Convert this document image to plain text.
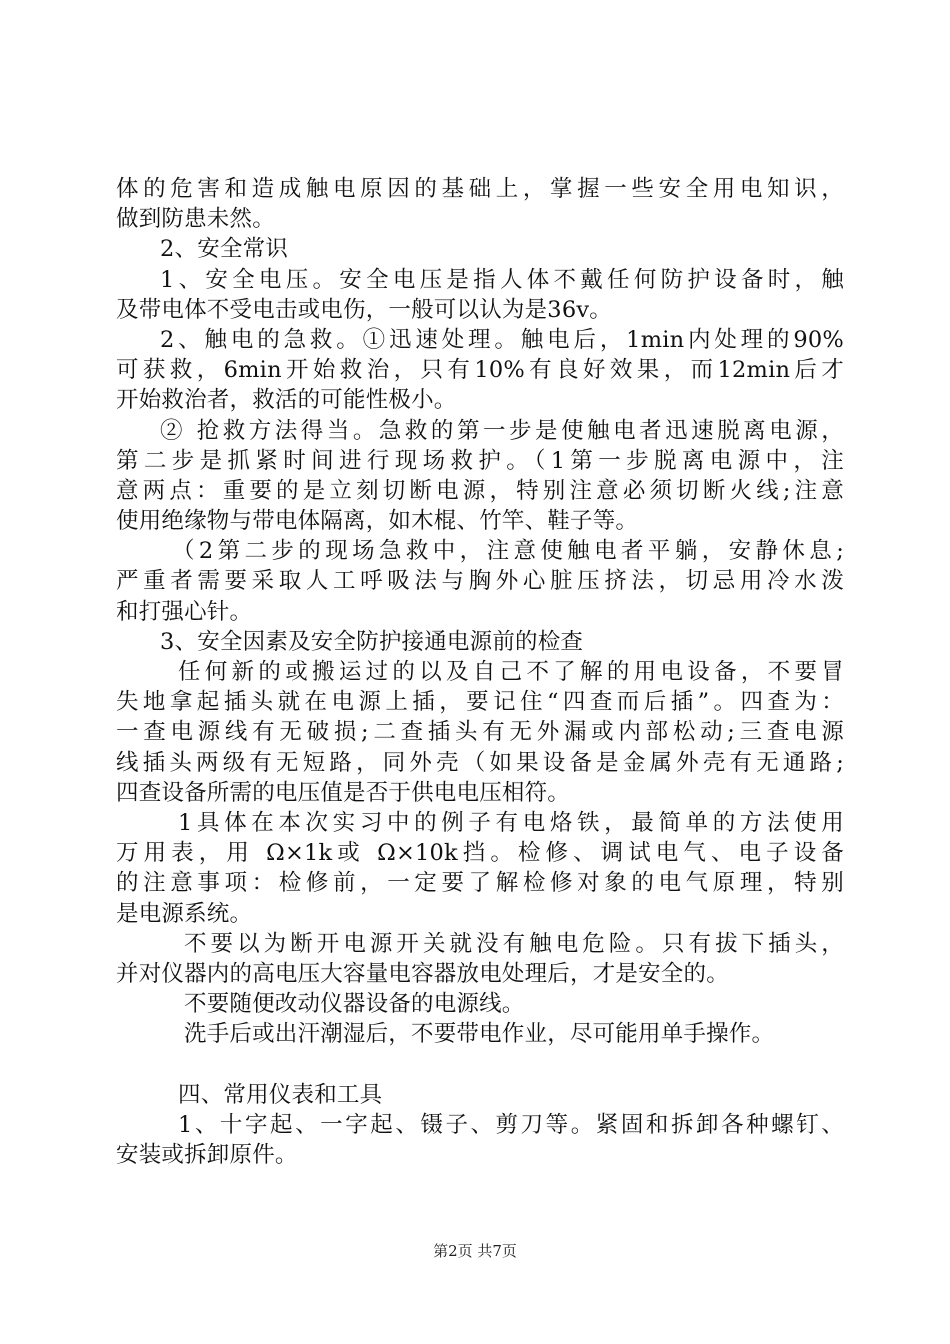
体的危害和造成触电原因的基础上，掌握一些安全用电知识，
做到防患未然。
2、安全常识
1、安全电压。安全电压是指人体不戴任何防护设备时，触
及带电体不受电击或电伤，一般可以认为是36v。
2、触电的急救。①迅速处理。触电后，1min内处理的90%
可获救，6min开始救治，只有10%有良好效果，而12min后才
开始救治者，救活的可能性极小。
② 抢救方法得当。急救的第一步是使触电者迅速脱离电源，
第二步是抓紧时间进行现场救护。（1第一步脱离电源中，注
意两点：重要的是立刻切断电源，特别注意必须切断火线;注意
使用绝缘物与带电体隔离，如木棍、竹竿、鞋子等。
（2第二步的现场急救中，注意使触电者平躺，安静休息;
严重者需要采取人工呼吸法与胸外心脏压挤法，切忌用冷水泼
和打强心针。
3、安全因素及安全防护接通电源前的检查
任何新的或搬运过的以及自己不了解的用电设备，不要冒
失地拿起插头就在电源上插，要记住“四查而后插”。四查为：
一查电源线有无破损;二查插头有无外漏或内部松动;三查电源
线插头两级有无短路，同外壳（如果设备是金属外壳有无通路;
四查设备所需的电压值是否于供电电压相符。
1具体在本次实习中的例子有电烙铁，最简单的方法使用
万用表，用 Ω×1k或 Ω×10k挡。检修、调试电气、电子设备
的注意事项：检修前，一定要了解检修对象的电气原理，特别
是电源系统。
不要以为断开电源开关就没有触电危险。只有拔下插头，
并对仪器内的高电压大容量电容器放电处理后，才是安全的。
不要随便改动仪器设备的电源线。
洗手后或出汗潮湿后，不要带电作业，尽可能用单手操作。
四、常用仪表和工具
1、十字起、一字起、镊子、剪刀等。紧固和拆卸各种螺钉、
安装或拆卸原件。
第2页 共7页
